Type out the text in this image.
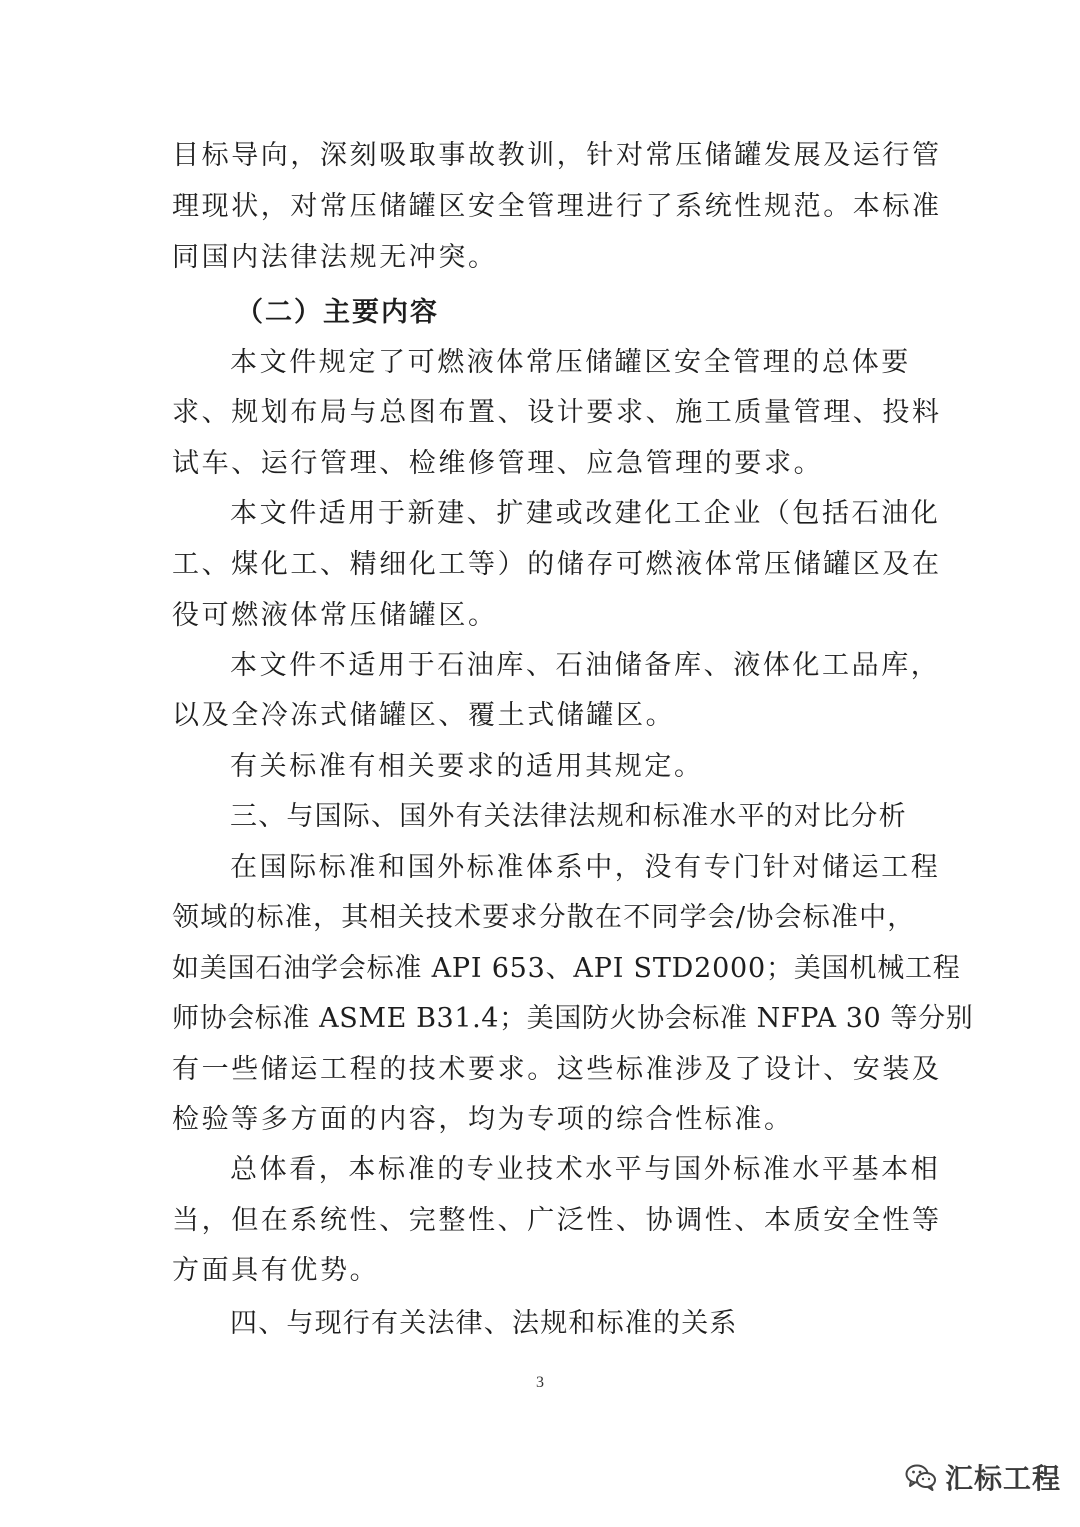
目标导向，深刻吸取事故教训，针对常压储罐发展及运行管
理现状，对常压储罐区安全管理进行了系统性规范。本标准
同国内法律法规无冲突。
（二）主要内容
本文件规定了可燃液体常压储罐区安全管理的总体要
求、规划布局与总图布置、设计要求、施工质量管理、投料
试车、运行管理、检维修管理、应急管理的要求。
本文件适用于新建、扩建或改建化工企业（包括石油化
工、煤化工、精细化工等）的储存可燃液体常压储罐区及在
役可燃液体常压储罐区。
本文件不适用于石油库、石油储备库、液体化工品库，
以及全冷冻式储罐区、覆土式储罐区。
有关标准有相关要求的适用其规定。
三、与国际、国外有关法律法规和标准水平的对比分析
在国际标准和国外标准体系中，没有专门针对储运工程
领域的标准，其相关技术要求分散在不同学会/协会标准中，
如美国石油学会标准 API 653、API STD2000；美国机械工程
师协会标准 ASME B31.4；美国防火协会标准 NFPA 30 等分别
有一些储运工程的技术要求。这些标准涉及了设计、安装及
检验等多方面的内容，均为专项的综合性标准。
总体看，本标准的专业技术水平与国外标准水平基本相
当，但在系统性、完整性、广泛性、协调性、本质安全性等
方面具有优势。
四、与现行有关法律、法规和标准的关系
3
汇标工程
